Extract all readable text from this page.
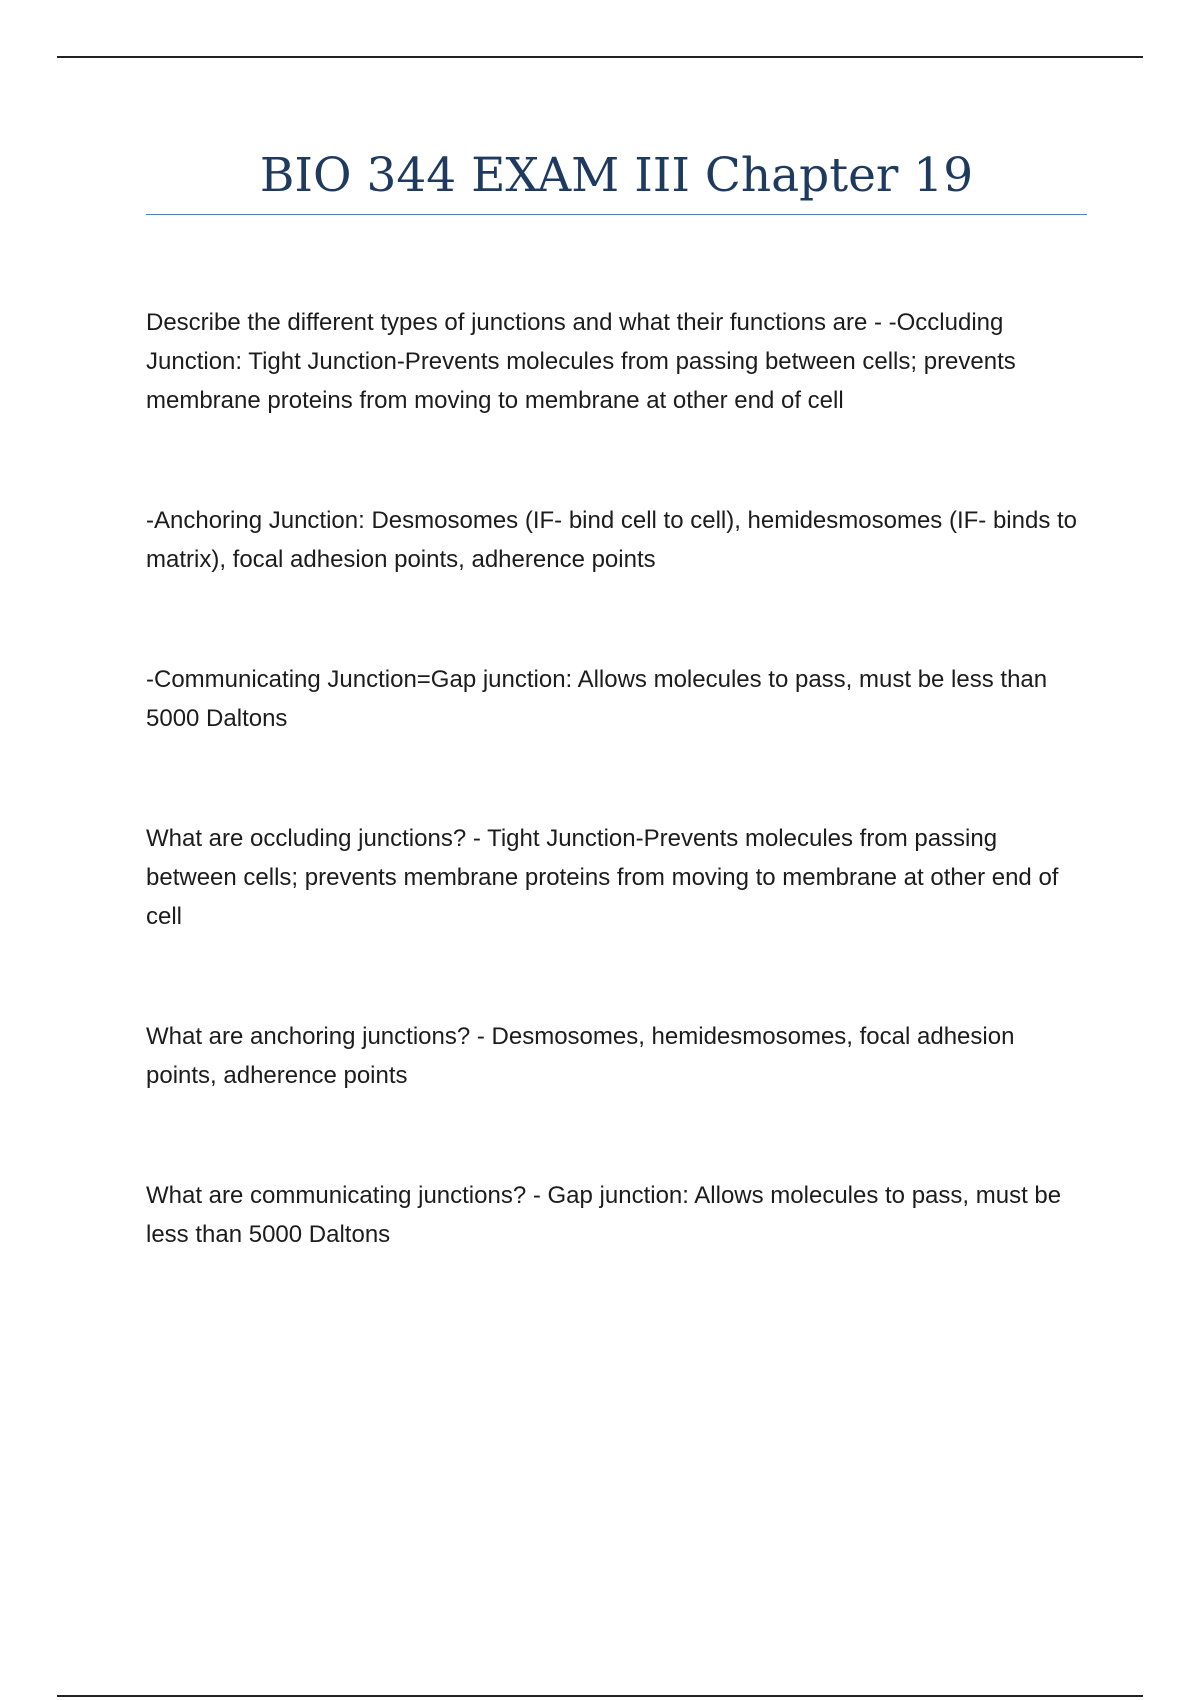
BIO 344 EXAM III Chapter 19

Describe the different types of junctions and what their functions are - -Occluding Junction: Tight Junction-Prevents molecules from passing between cells; prevents membrane proteins from moving to membrane at other end of cell

-Anchoring Junction: Desmosomes (IF- bind cell to cell), hemidesmosomes (IF- binds to matrix), focal adhesion points, adherence points

-Communicating Junction=Gap junction: Allows molecules to pass, must be less than 5000 Daltons

What are occluding junctions? - Tight Junction-Prevents molecules from passing between cells; prevents membrane proteins from moving to membrane at other end of cell

What are anchoring junctions? - Desmosomes, hemidesmosomes, focal adhesion points, adherence points

What are communicating junctions? - Gap junction: Allows molecules to pass, must be less than 5000 Daltons
